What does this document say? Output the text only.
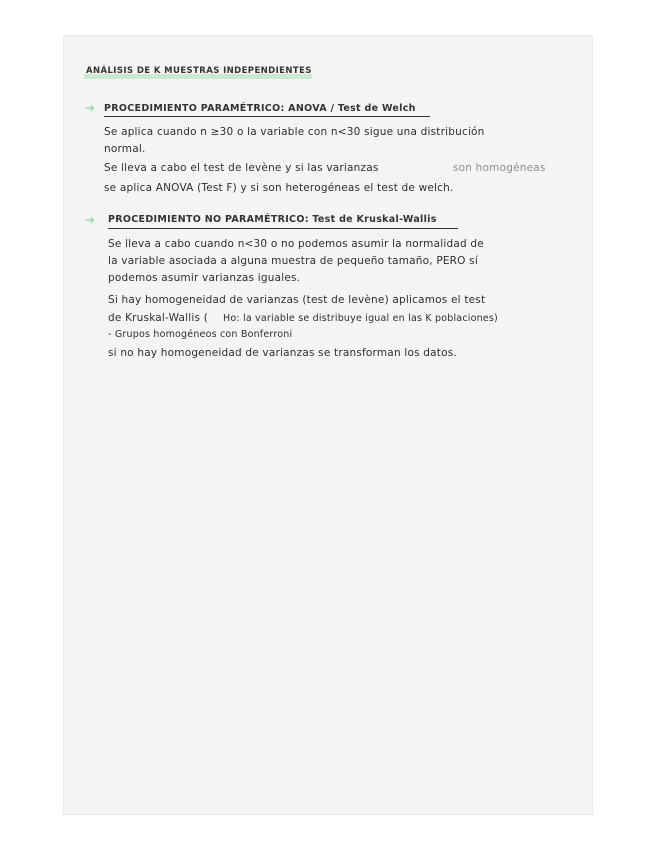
ANÁLISIS DE K MUESTRAS INDEPENDIENTES
➜ PROCEDIMIENTO PARAMÉTRICO: ANOVA / Test de Welch
Se aplica cuando n ≥30 o la variable con n<30 sigue una distribución
normal.
Se lleva a cabo el test de levène y si las varianzas	son homogéneas
se aplica ANOVA (Test F) y si son heterogéneas el test de welch.
➜ PROCEDIMIENTO NO PARAMÉTRICO: Test de Kruskal-Wallis
Se lleva a cabo cuando n<30 o no podemos asumir la normalidad de
la variable asociada a alguna muestra de pequeño tamaño, PERO sí
podemos asumir varianzas iguales.
Si hay homogeneidad de varianzas (test de levène) aplicamos el test
de Kruskal-Wallis ( Ho: la variable se distribuye igual en las K poblaciones)
- Grupos homogéneos con Bonferroni
si no hay homogeneidad de varianzas se transforman los datos.
